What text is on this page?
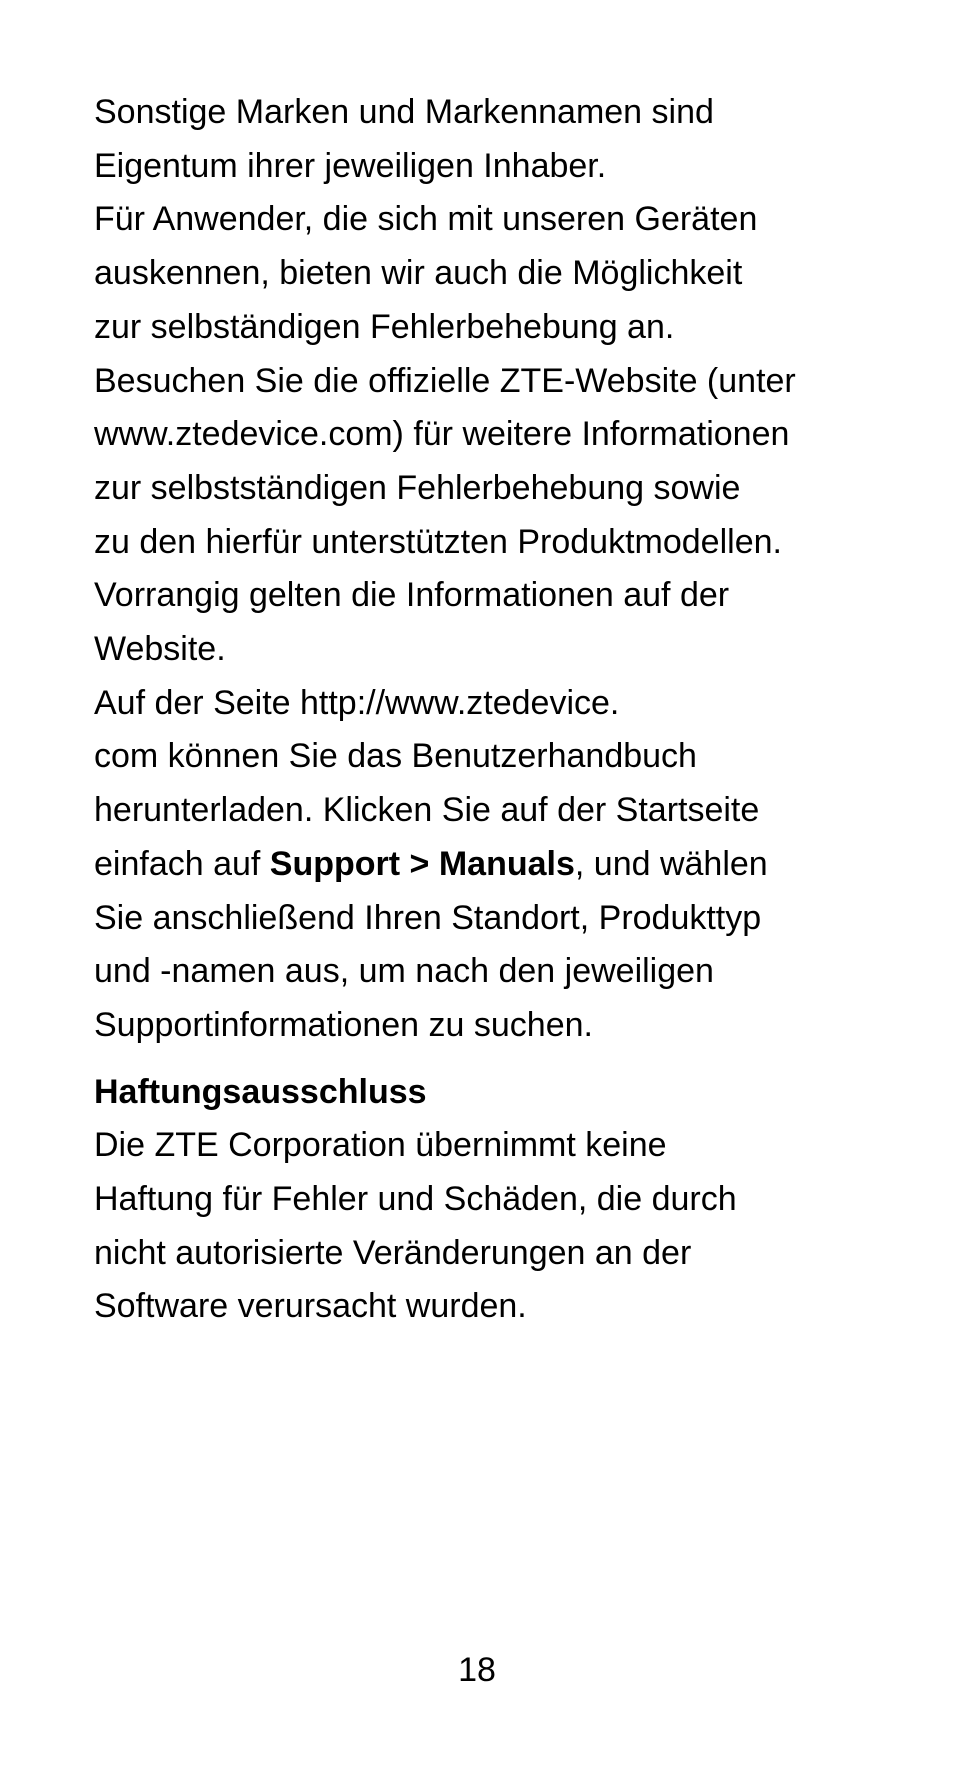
Sonstige Marken und Markennamen sind
Eigentum ihrer jeweiligen Inhaber.
Für Anwender, die sich mit unseren Geräten
auskennen, bieten wir auch die Möglichkeit
zur selbständigen Fehlerbehebung an.
Besuchen Sie die offizielle ZTE-Website (unter
www.ztedevice.com) für weitere Informationen
zur selbstständigen Fehlerbehebung sowie
zu den hierfür unterstützten Produktmodellen.
Vorrangig gelten die Informationen auf der
Website.
Auf der Seite http://www.ztedevice.
com können Sie das Benutzerhandbuch
herunterladen. Klicken Sie auf der Startseite
einfach auf Support > Manuals, und wählen
Sie anschließend Ihren Standort, Produkttyp
und -namen aus, um nach den jeweiligen
Supportinformationen zu suchen.
Haftungsausschluss
Die ZTE Corporation übernimmt keine
Haftung für Fehler und Schäden, die durch
nicht autorisierte Veränderungen an der
Software verursacht wurden.
18
